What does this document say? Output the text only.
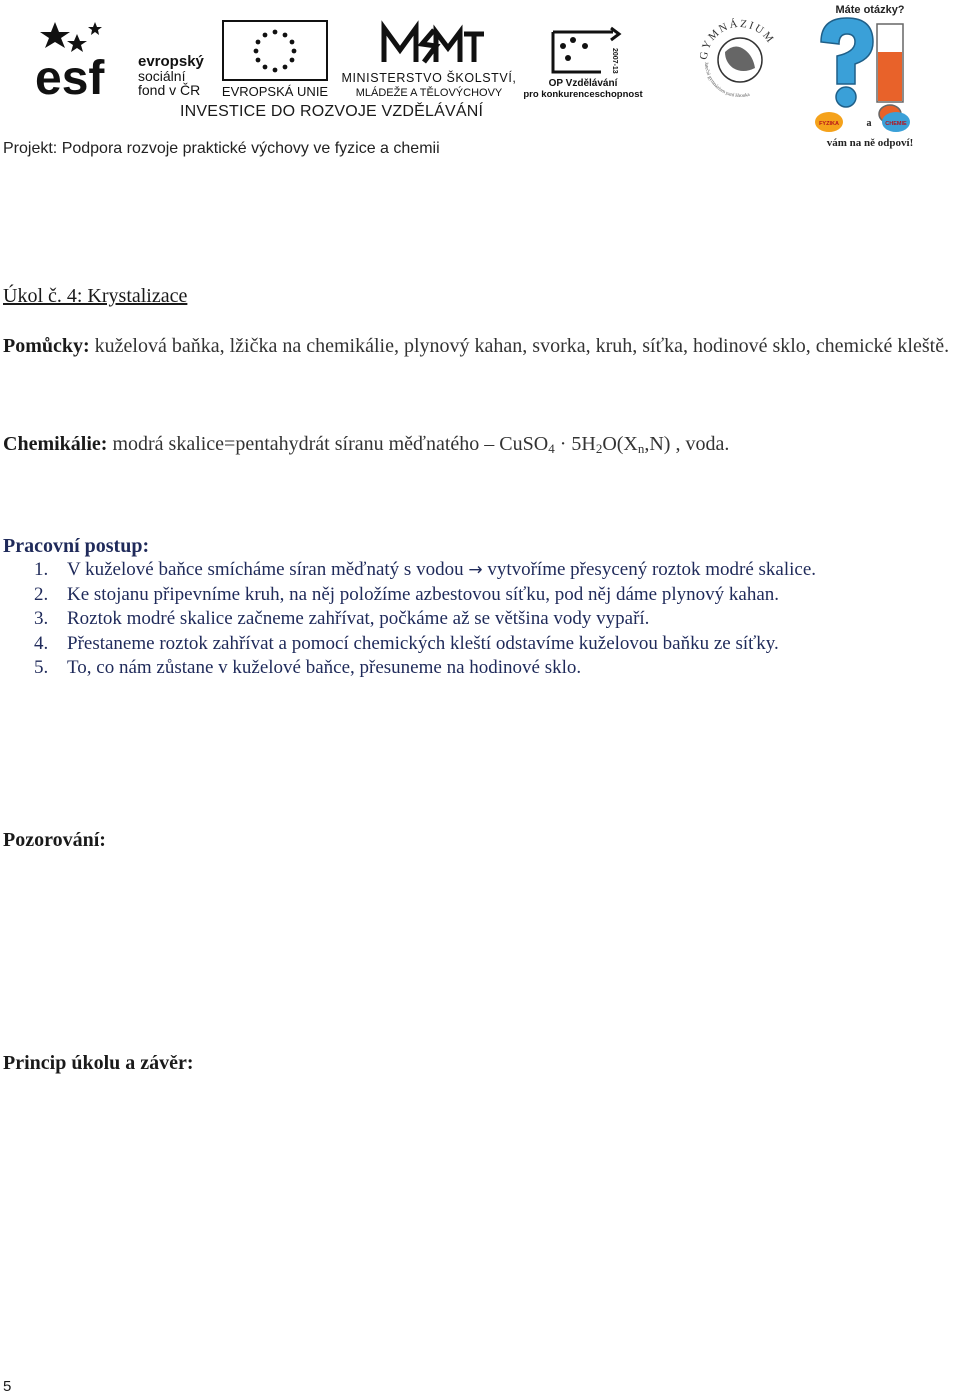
esf evropský
sociální
fond v ČR EVROPSKÁ UNIE
MINISTERSTVO ŠKOLSTVÍ,
MLÁDEŽE A TĚLOVÝCHOVY
2007-13
OP Vzdělávání
pro konkurenceschopnost
GYMNÁZIUM
Jateční gymnázium paní Hronka
Máte otázky?
FYZIKA	a	CHEMIE
vám na ně odpoví!
INVESTICE DO ROZVOJE VZDĚLÁVÁNÍ
Projekt: Podpora rozvoje praktické výchovy ve fyzice a chemii
Úkol č. 4: Krystalizace
Pomůcky: kuželová baňka, lžička na chemikálie, plynový kahan, svorka, kruh, síťka, hodinové sklo, chemické kleště.
Chemikálie: modrá skalice=pentahydrát síranu měďnatého – CuSO$_4$ · $5H_2O(X_n,N)$ , voda.
Pracovní postup:
1. V kuželové baňce smícháme síran měďnatý s vodou → vytvoříme přesycený roztok modré skalice.
2. Ke stojanu připevníme kruh, na něj položíme azbestovou síťku, pod něj dáme plynový kahan.
3. Roztok modré skalice začneme zahřívat, počkáme až se většina vody vypaří.
4. Přestaneme roztok zahřívat a pomocí chemických kleští odstavíme kuželovou baňku ze síťky.
5. To, co nám zůstane v kuželové baňce, přesuneme na hodinové sklo.
Pozorování:
Princip úkolu a závěr:
5
